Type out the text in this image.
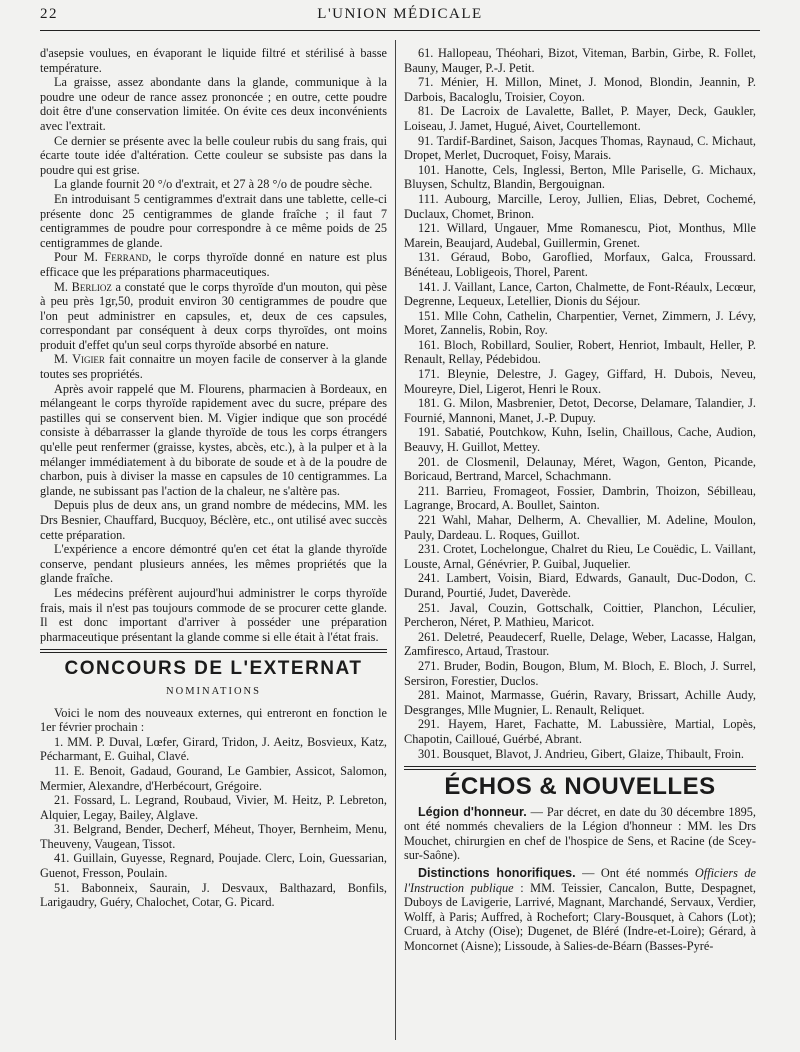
22	L'UNION MÉDICALE

d'asepsie voulues, en évaporant le liquide filtré et stérilisé à basse température.

La graisse, assez abondante dans la glande, communique à la poudre une odeur de rance assez prononcée ; en outre, cette poudre doit être d'une conservation limitée. On évite ces deux inconvénients avec l'extrait.

Ce dernier se présente avec la belle couleur rubis du sang frais, qui écarte toute idée d'altération. Cette couleur se subsiste pas dans la poudre qui est grise.

La glande fournit 20 °/o d'extrait, et 27 à 28 °/o de poudre sèche.

En introduisant 5 centigrammes d'extrait dans une tablette, celle-ci présente donc 25 centigrammes de glande fraîche ; il faut 7 centigrammes de poudre pour correspondre à ce même poids de 25 centigrammes de glande.

Pour M. Ferrand, le corps thyroïde donné en nature est plus efficace que les préparations pharmaceutiques.

M. Berlioz a constaté que le corps thyroïde d'un mouton, qui pèse à peu près 1gr,50, produit environ 30 centigrammes de poudre que l'on peut administrer en capsules, et, deux de ces capsules, correspondant par conséquent à deux corps thyroïdes, ont moins produit d'effet qu'un seul corps thyroïde absorbé en nature.

M. Vigier fait connaitre un moyen facile de conserver à la glande toutes ses propriétés.

Après avoir rappelé que M. Flourens, pharmacien à Bordeaux, en mélangeant le corps thyroïde rapidement avec du sucre, prépare des pastilles qui se conservent bien. M. Vigier indique que son procédé consiste à débarrasser la glande thyroïde de tous les corps étrangers qu'elle peut renfermer (graisse, kystes, abcès, etc.), à la pulper et à la mélanger immédiatement à du biborate de soude et à de la poudre de charbon, puis à diviser la masse en capsules de 10 centigrammes. La glande, ne subissant pas l'action de la chaleur, ne s'altère pas.

Depuis plus de deux ans, un grand nombre de médecins, MM. les Drs Besnier, Chauffard, Bucquoy, Béclère, etc., ont utilisé avec succès cette préparation.

L'expérience a encore démontré qu'en cet état la glande thyroïde conserve, pendant plusieurs années, les mêmes propriétés que la glande fraîche.

Les médecins préfèrent aujourd'hui administrer le corps thyroïde frais, mais il n'est pas toujours commode de se procurer cette glande. Il est donc important d'arriver à posséder une préparation pharmaceutique présentant la glande comme si elle était à l'état frais.

CONCOURS DE L'EXTERNAT
NOMINATIONS

Voici le nom des nouveaux externes, qui entreront en fonction le 1er février prochain :

1. MM. P. Duval, Lœfer, Girard, Tridon, J. Aeitz, Bosvieux, Katz, Pécharmant, E. Guihal, Clavé.

11. E. Benoit, Gadaud, Gourand, Le Gambier, Assicot, Salomon, Mermier, Alexandre, d'Herbécourt, Grégoire.

21. Fossard, L. Legrand, Roubaud, Vivier, M. Heitz, P. Lebreton, Alquier, Legay, Bailey, Alglave.

31. Belgrand, Bender, Decherf, Méheut, Thoyer, Bernheim, Menu, Theuveny, Vaugean, Tissot.

41. Guillain, Guyesse, Regnard, Poujade. Clerc, Loin, Guessarian, Guenot, Fresson, Poulain.

51. Babonneix, Saurain, J. Desvaux, Balthazard, Bonfils, Larigaudry, Guéry, Chalochet, Cotar, G. Picard.

61. Hallopeau, Théohari, Bizot, Viteman, Barbin, Girbe, R. Follet, Bauny, Mauger, P.-J. Petit.

71. Ménier, H. Millon, Minet, J. Monod, Blondin, Jeannin, P. Darbois, Bacaloglu, Troisier, Coyon.

81. De Lacroix de Lavalette, Ballet, P. Mayer, Deck, Gaukler, Loiseau, J. Jamet, Hugué, Aivet, Courtellemont.

91. Tardif-Bardinet, Saison, Jacques Thomas, Raynaud, C. Michaut, Dropet, Merlet, Ducroquet, Foisy, Marais.

101. Hanotte, Cels, Inglessi, Berton, Mlle Pariselle, G. Michaux, Bluysen, Schultz, Blandin, Bergouignan.

111. Aubourg, Marcille, Leroy, Jullien, Elias, Debret, Cochemé, Duclaux, Chomet, Brinon.

121. Willard, Ungauer, Mme Romanescu, Piot, Monthus, Mlle Marein, Beaujard, Audebal, Guillermin, Grenet.

131. Géraud, Bobo, Garoflied, Morfaux, Galca, Froussard. Bénéteau, Lobligeois, Thorel, Parent.

141. J. Vaillant, Lance, Carton, Chalmette, de Font-Réaulx, Lecœur, Degrenne, Lequeux, Letellier, Dionis du Séjour.

151. Mlle Cohn, Cathelin, Charpentier, Vernet, Zimmern, J. Lévy, Moret, Zannelis, Robin, Roy.

161. Bloch, Robillard, Soulier, Robert, Henriot, Imbault, Heller, P. Renault, Rellay, Pédebidou.

171. Bleynie, Delestre, J. Gagey, Giffard, H. Dubois, Neveu, Moureyre, Diel, Ligerot, Henri le Roux.

181. G. Milon, Masbrenier, Detot, Decorse, Delamare, Talandier, J. Fournié, Mannoni, Manet, J.-P. Dupuy.

191. Sabatié, Poutchkow, Kuhn, Iselin, Chaillous, Cache, Audion, Beauvy, H. Guillot, Mettey.

201. de Closmenil, Delaunay, Méret, Wagon, Genton, Picande, Boricaud, Bertrand, Marcel, Schachmann.

211. Barrieu, Fromageot, Fossier, Dambrin, Thoizon, Sébilleau, Lagrange, Brocard, A. Boullet, Sainton.

221 Wahl, Mahar, Delherm, A. Chevallier, M. Adeline, Moulon, Pauly, Dardeau. L. Roques, Guillot.

231. Crotet, Lochelongue, Chalret du Rieu, Le Couëdic, L. Vaillant, Louste, Arnal, Génévrier, P. Guibal, Juquelier.

241. Lambert, Voisin, Biard, Edwards, Ganault, Duc-Dodon, C. Durand, Pourtié, Judet, Daverède.

251. Javal, Couzin, Gottschalk, Coittier, Planchon, Léculier, Percheron, Néret, P. Mathieu, Maricot.

261. Deletré, Peaudecerf, Ruelle, Delage, Weber, Lacasse, Halgan, Zamfiresco, Artaud, Trastour.

271. Bruder, Bodin, Bougon, Blum, M. Bloch, E. Bloch, J. Surrel, Sersiron, Forestier, Duclos.

281. Mainot, Marmasse, Guérin, Ravary, Brissart, Achille Audy, Desgranges, Mlle Mugnier, L. Renault, Reliquet.

291. Hayem, Haret, Fachatte, M. Labussière, Martial, Lopès, Chapotin, Cailloué, Guérbé, Abrant.

301. Bousquet, Blavot, J. Andrieu, Gibert, Glaize, Thibault, Froin.

ÉCHOS & NOUVELLES

Légion d'honneur. — Par décret, en date du 30 décembre 1895, ont été nommés chevaliers de la Légion d'honneur : MM. les Drs Mouchet, chirurgien en chef de l'hospice de Sens, et Racine (de Scey-sur-Saône).

Distinctions honorifiques. — Ont été nommés Officiers de l'Instruction publique : MM. Teissier, Cancalon, Butte, Despagnet, Duboys de Lavigerie, Larrivé, Magnant, Marchandé, Servaux, Verdier, Wolff, à Paris; Auffred, à Rochefort; Clary-Bousquet, à Cahors (Lot); Cruard, à Atchy (Oise); Dugenet, de Bléré (Indre-et-Loire); Gérard, à Moncornet (Aisne); Lissoude, à Salies-de-Béarn (Basses-Pyré-
